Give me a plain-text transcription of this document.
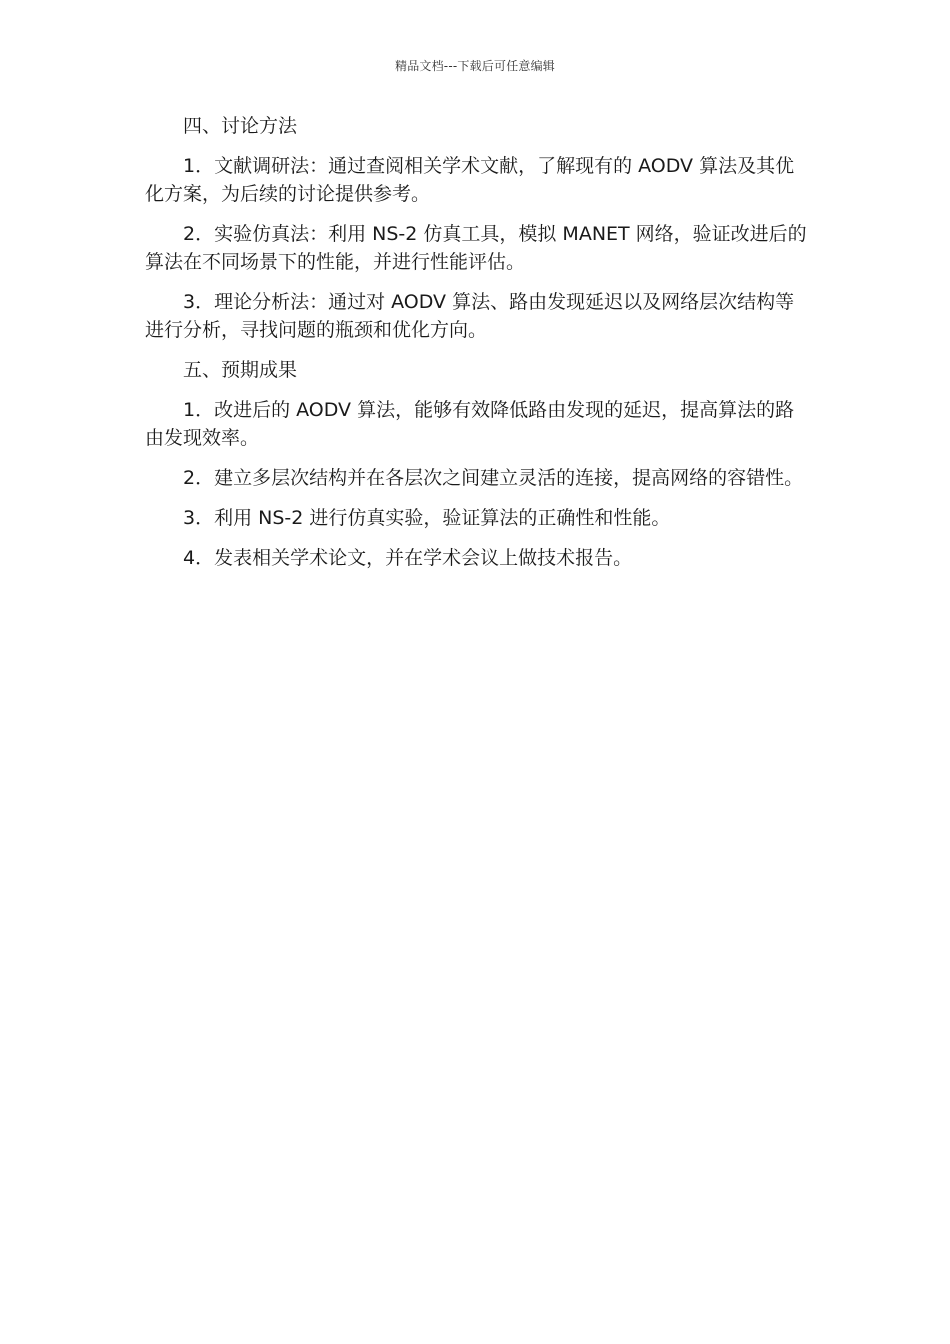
精品文档---下载后可任意编辑

四、讨论方法

1．文献调研法：通过查阅相关学术文献，了解现有的 AODV 算法及其优化方案，为后续的讨论提供参考。

2．实验仿真法：利用 NS-2 仿真工具，模拟 MANET 网络，验证改进后的算法在不同场景下的性能，并进行性能评估。

3．理论分析法：通过对 AODV 算法、路由发现延迟以及网络层次结构等进行分析，寻找问题的瓶颈和优化方向。

五、预期成果

1．改进后的 AODV 算法，能够有效降低路由发现的延迟，提高算法的路由发现效率。

2．建立多层次结构并在各层次之间建立灵活的连接，提高网络的容错性。

3．利用 NS-2 进行仿真实验，验证算法的正确性和性能。

4．发表相关学术论文，并在学术会议上做技术报告。
